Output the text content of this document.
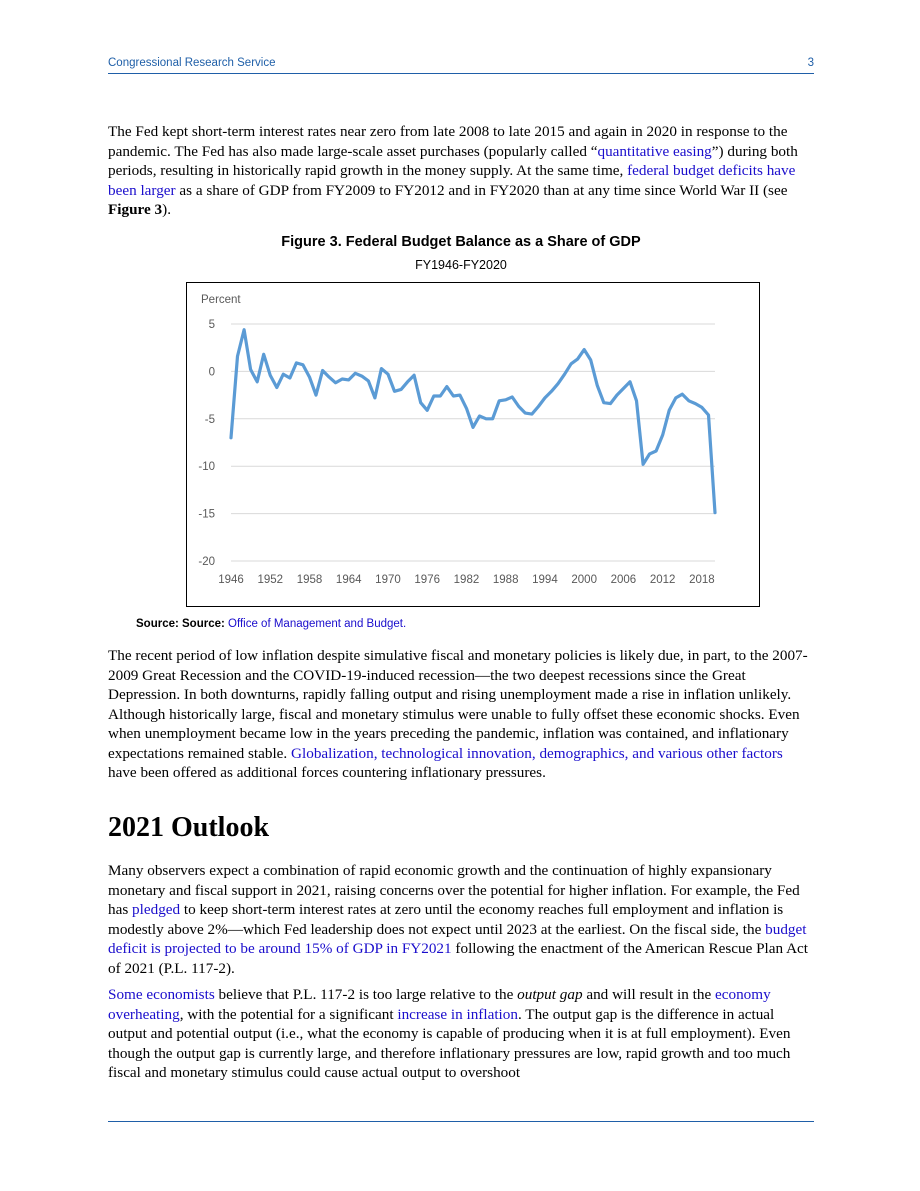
Congressional Research Service	3

The Fed kept short-term interest rates near zero from late 2008 to late 2015 and again in 2020 in response to the pandemic. The Fed has also made large-scale asset purchases (popularly called “quantitative easing”) during both periods, resulting in historically rapid growth in the money supply. At the same time, federal budget deficits have been larger as a share of GDP from FY2009 to FY2012 and in FY2020 than at any time since World War II (see Figure 3).

Figure 3. Federal Budget Balance as a Share of GDP
FY1946-FY2020
5
0
-5
-10
-15
-20
1946 1952 1958 1964 1970 1976 1982 1988 1994 2000 2006 2012 2018
Percent
Source: Source: Office of Management and Budget.

The recent period of low inflation despite simulative fiscal and monetary policies is likely due, in part, to the 2007-2009 Great Recession and the COVID-19-induced recession—the two deepest recessions since the Great Depression. In both downturns, rapidly falling output and rising unemployment made a rise in inflation unlikely. Although historically large, fiscal and monetary stimulus were unable to fully offset these economic shocks. Even when unemployment became low in the years preceding the pandemic, inflation was contained, and inflationary expectations remained stable. Globalization, technological innovation, demographics, and various other factors have been offered as additional forces countering inflationary pressures.

2021 Outlook

Many observers expect a combination of rapid economic growth and the continuation of highly expansionary monetary and fiscal support in 2021, raising concerns over the potential for higher inflation. For example, the Fed has pledged to keep short-term interest rates at zero until the economy reaches full employment and inflation is modestly above 2%—which Fed leadership does not expect until 2023 at the earliest. On the fiscal side, the budget deficit is projected to be around 15% of GDP in FY2021 following the enactment of the American Rescue Plan Act of 2021 (P.L. 117-2).

Some economists believe that P.L. 117-2 is too large relative to the output gap and will result in the economy overheating, with the potential for a significant increase in inflation. The output gap is the difference in actual output and potential output (i.e., what the economy is capable of producing when it is at full employment). Even though the output gap is currently large, and therefore inflationary pressures are low, rapid growth and too much fiscal and monetary stimulus could cause actual output to overshoot
